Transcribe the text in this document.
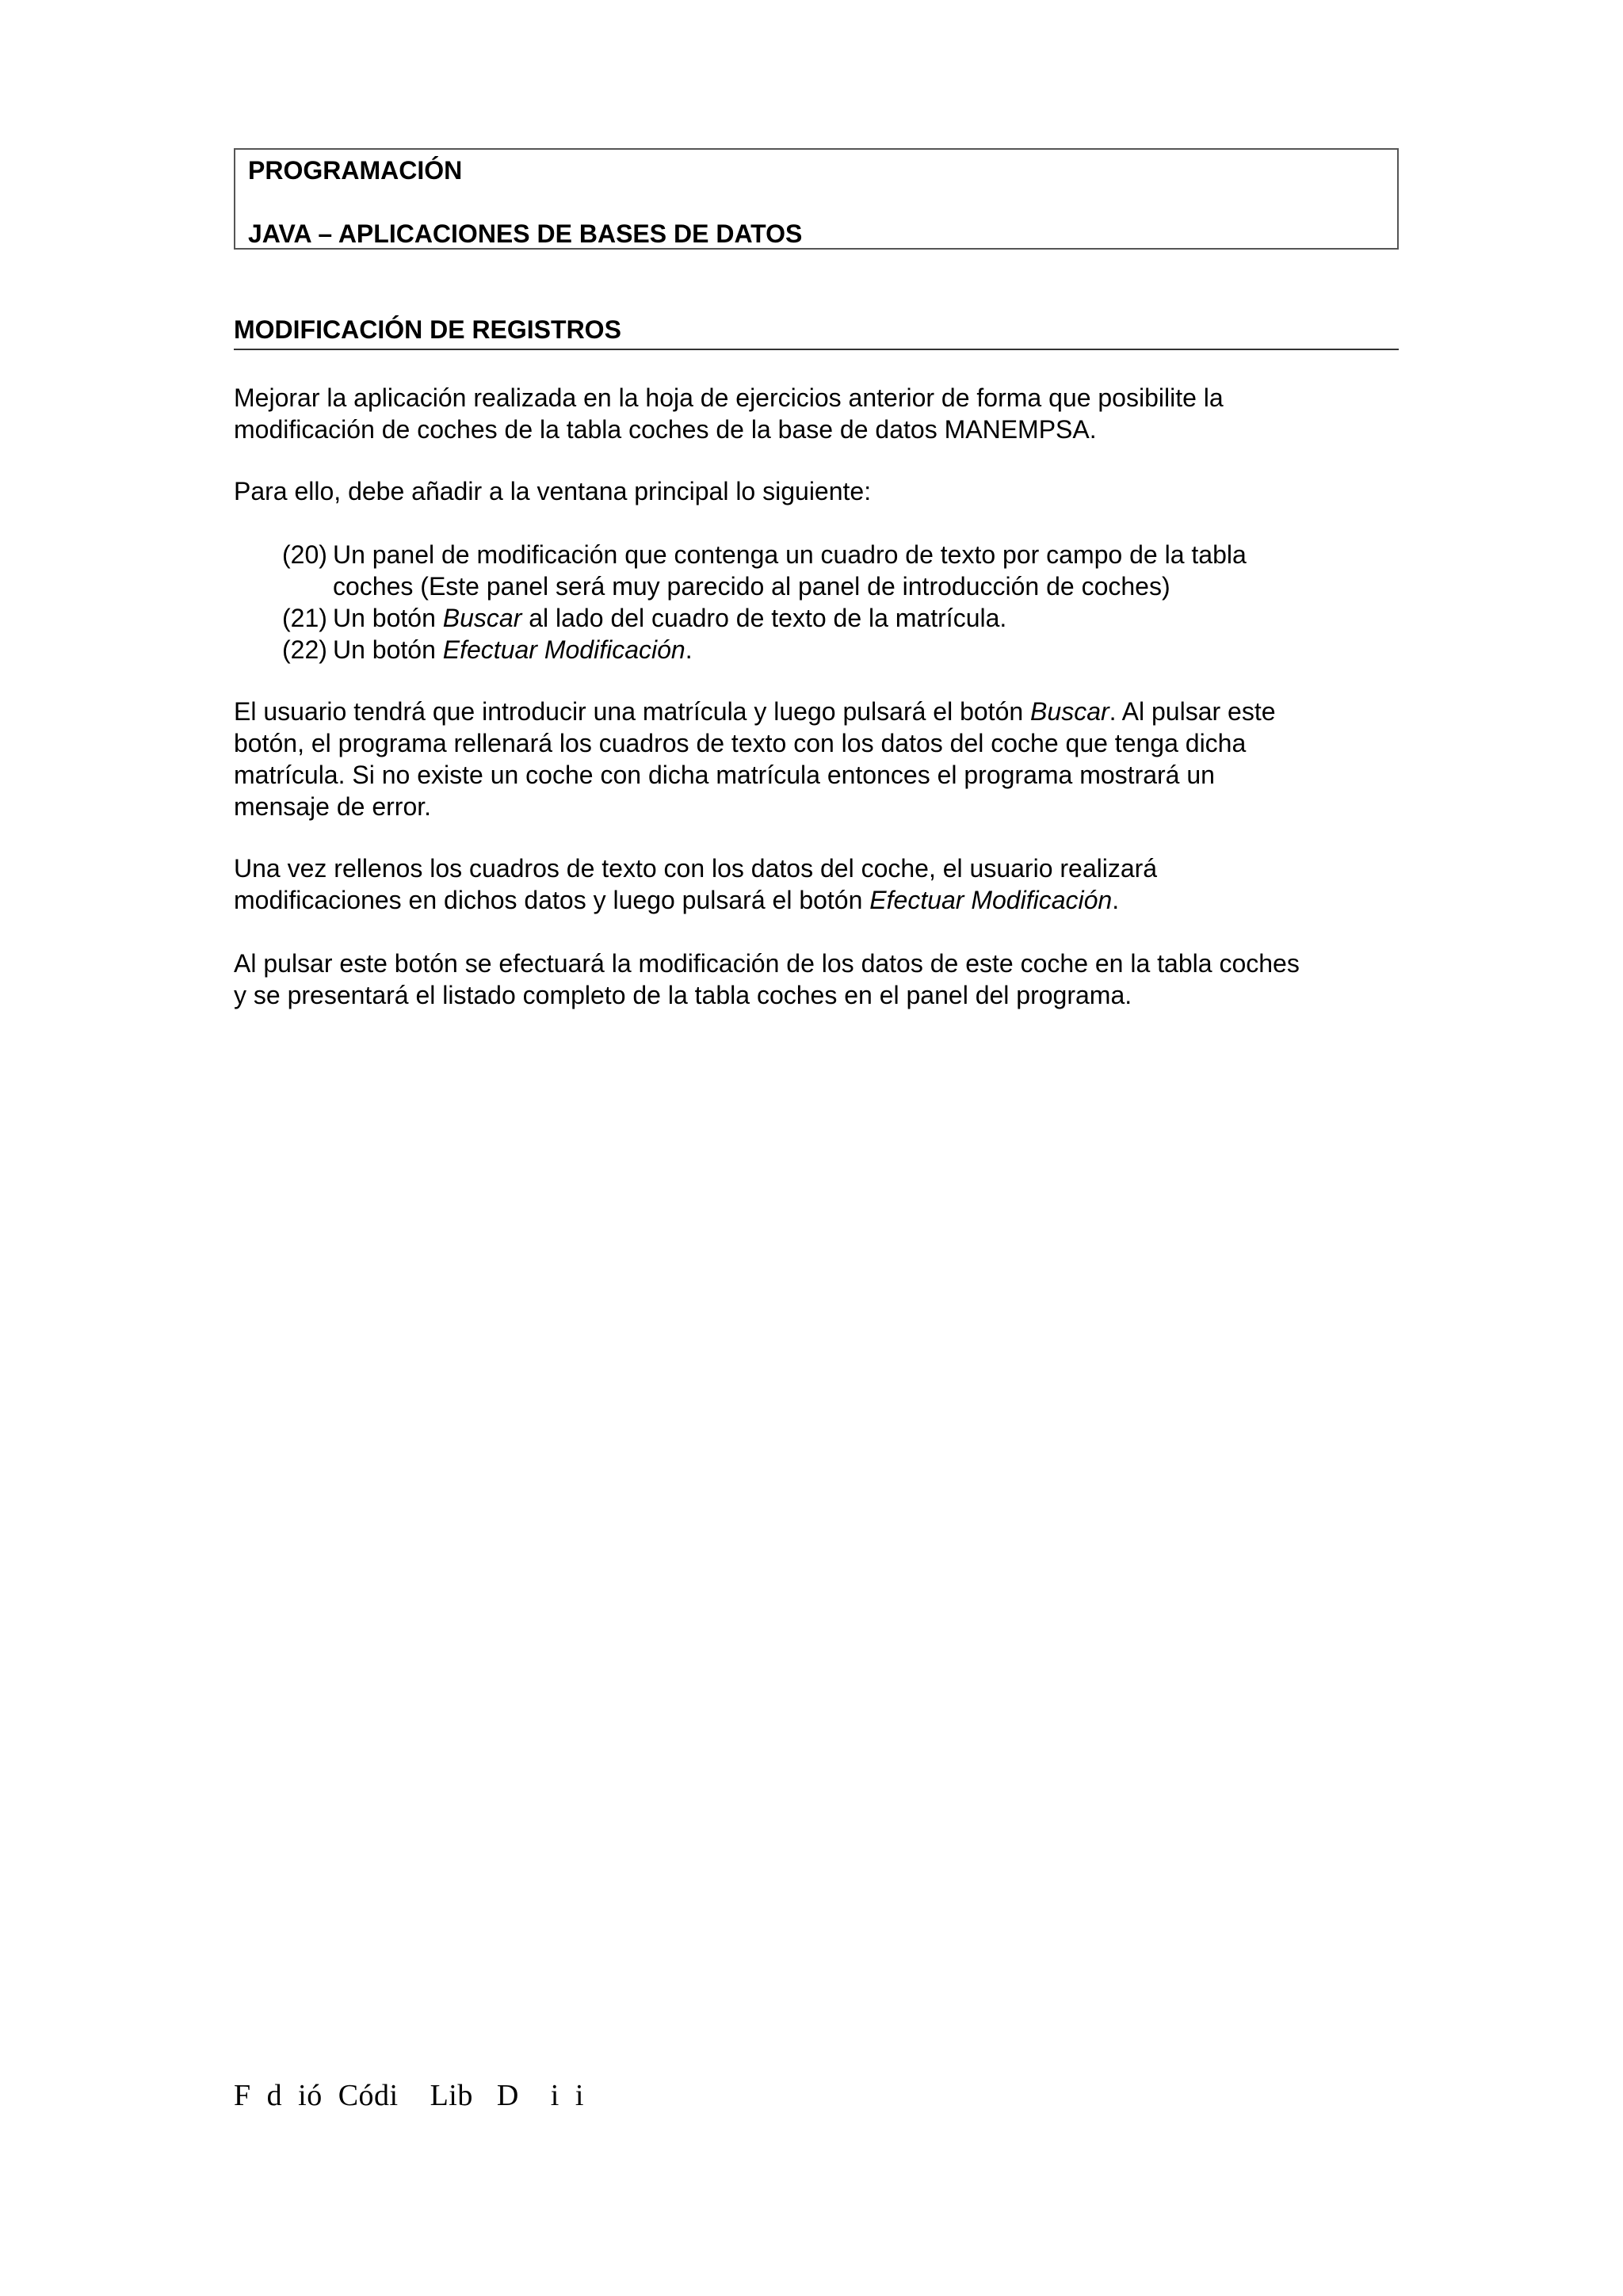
PROGRAMACIÓN
JAVA – APLICACIONES DE BASES DE DATOS
MODIFICACIÓN DE REGISTROS

Mejorar la aplicación realizada en la hoja de ejercicios anterior de forma que posibilite la
modificación de coches de la tabla coches de la base de datos MANEMPSA.

Para ello, debe añadir a la ventana principal lo siguiente:

(20) Un panel de modificación que contenga un cuadro de texto por campo de la tabla
coches (Este panel será muy parecido al panel de introducción de coches)
(21) Un botón Buscar al lado del cuadro de texto de la matrícula.
(22) Un botón Efectuar Modificación.

El usuario tendrá que introducir una matrícula y luego pulsará el botón Buscar. Al pulsar este
botón, el programa rellenará los cuadros de texto con los datos del coche que tenga dicha
matrícula. Si no existe un coche con dicha matrícula entonces el programa mostrará un
mensaje de error.

Una vez rellenos los cuadros de texto con los datos del coche, el usuario realizará
modificaciones en dichos datos y luego pulsará el botón Efectuar Modificación.

Al pulsar este botón se efectuará la modificación de los datos de este coche en la tabla coches
y se presentará el listado completo de la tabla coches en el panel del programa.

F  d  ió  Códi    Lib   D    i  i
